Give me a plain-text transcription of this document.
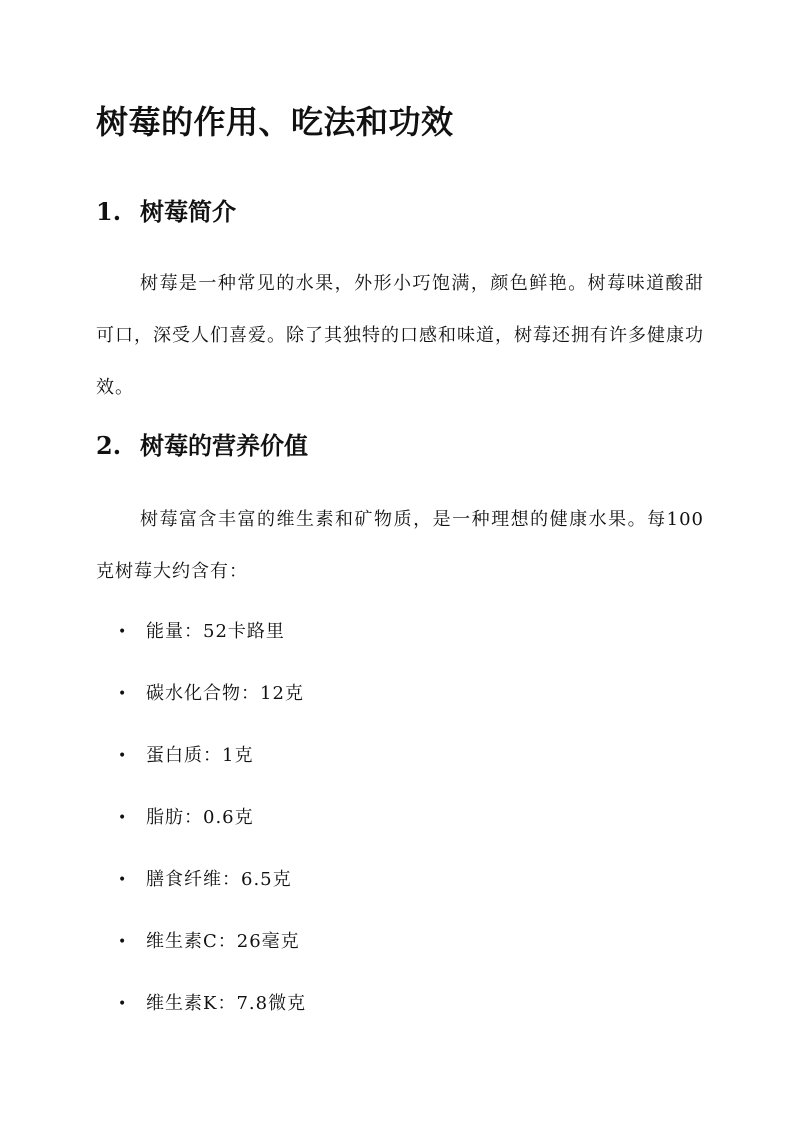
树莓的作用、吃法和功效
1. 树莓简介

树莓是一种常见的水果，外形小巧饱满，颜色鲜艳。树莓味道酸甜可口，深受人们喜爱。除了其独特的口感和味道，树莓还拥有许多健康功效。

2. 树莓的营养价值

树莓富含丰富的维生素和矿物质，是一种理想的健康水果。每100克树莓大约含有：

• 能量：52卡路里
• 碳水化合物：12克
• 蛋白质：1克
• 脂肪：0.6克
• 膳食纤维：6.5克
• 维生素C：26毫克
• 维生素K：7.8微克
